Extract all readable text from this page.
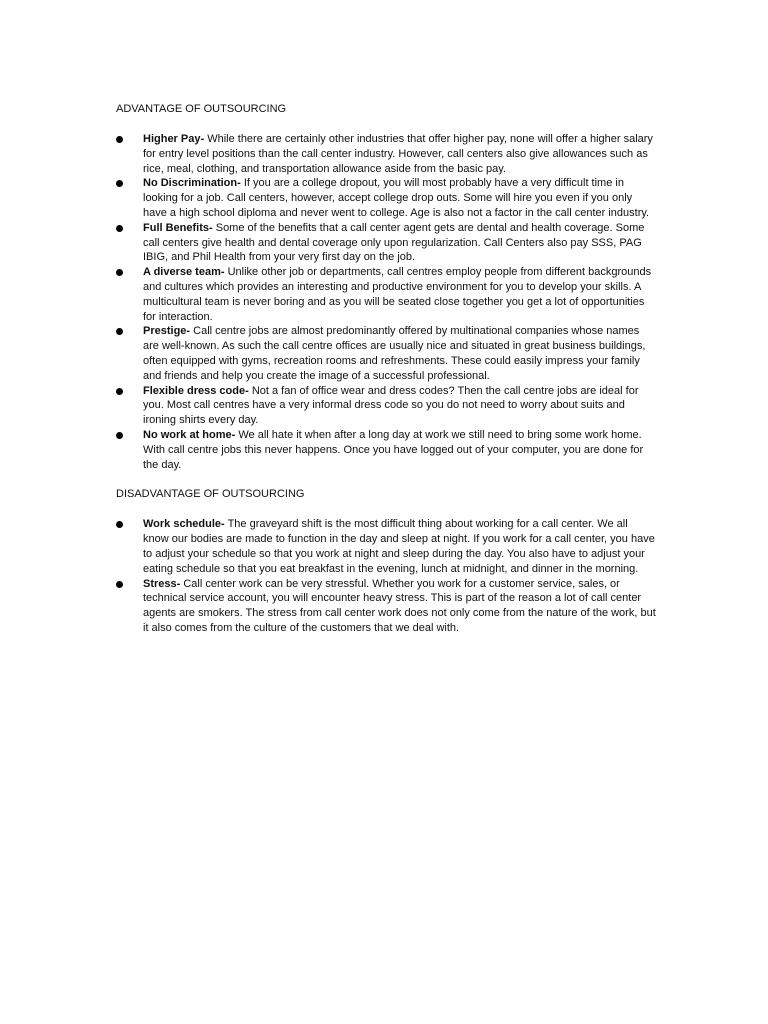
ADVANTAGE OF OUTSOURCING
Higher Pay- While there are certainly other industries that offer higher pay, none will offer a higher salary for entry level positions than the call center industry. However, call centers also give allowances such as rice, meal, clothing, and transportation allowance aside from the basic pay.
No Discrimination- If you are a college dropout, you will most probably have a very difficult time in looking for a job. Call centers, however, accept college drop outs. Some will hire you even if you only have a high school diploma and never went to college. Age is also not a factor in the call center industry.
Full Benefits- Some of the benefits that a call center agent gets are dental and health coverage. Some call centers give health and dental coverage only upon regularization. Call Centers also pay SSS, PAG IBIG, and Phil Health from your very first day on the job.
A diverse team- Unlike other job or departments, call centres employ people from different backgrounds and cultures which provides an interesting and productive environment for you to develop your skills. A multicultural team is never boring and as you will be seated close together you get a lot of opportunities for interaction.
Prestige- Call centre jobs are almost predominantly offered by multinational companies whose names are well-known. As such the call centre offices are usually nice and situated in great business buildings, often equipped with gyms, recreation rooms and refreshments. These could easily impress your family and friends and help you create the image of a successful professional.
Flexible dress code- Not a fan of office wear and dress codes? Then the call centre jobs are ideal for you. Most call centres have a very informal dress code so you do not need to worry about suits and ironing shirts every day.
No work at home- We all hate it when after a long day at work we still need to bring some work home. With call centre jobs this never happens. Once you have logged out of your computer, you are done for the day.
DISADVANTAGE OF OUTSOURCING
Work schedule- The graveyard shift is the most difficult thing about working for a call center. We all know our bodies are made to function in the day and sleep at night. If you work for a call center, you have to adjust your schedule so that you work at night and sleep during the day. You also have to adjust your eating schedule so that you eat breakfast in the evening, lunch at midnight, and dinner in the morning.
Stress- Call center work can be very stressful. Whether you work for a customer service, sales, or technical service account, you will encounter heavy stress. This is part of the reason a lot of call center agents are smokers. The stress from call center work does not only come from the nature of the work, but it also comes from the culture of the customers that we deal with.
